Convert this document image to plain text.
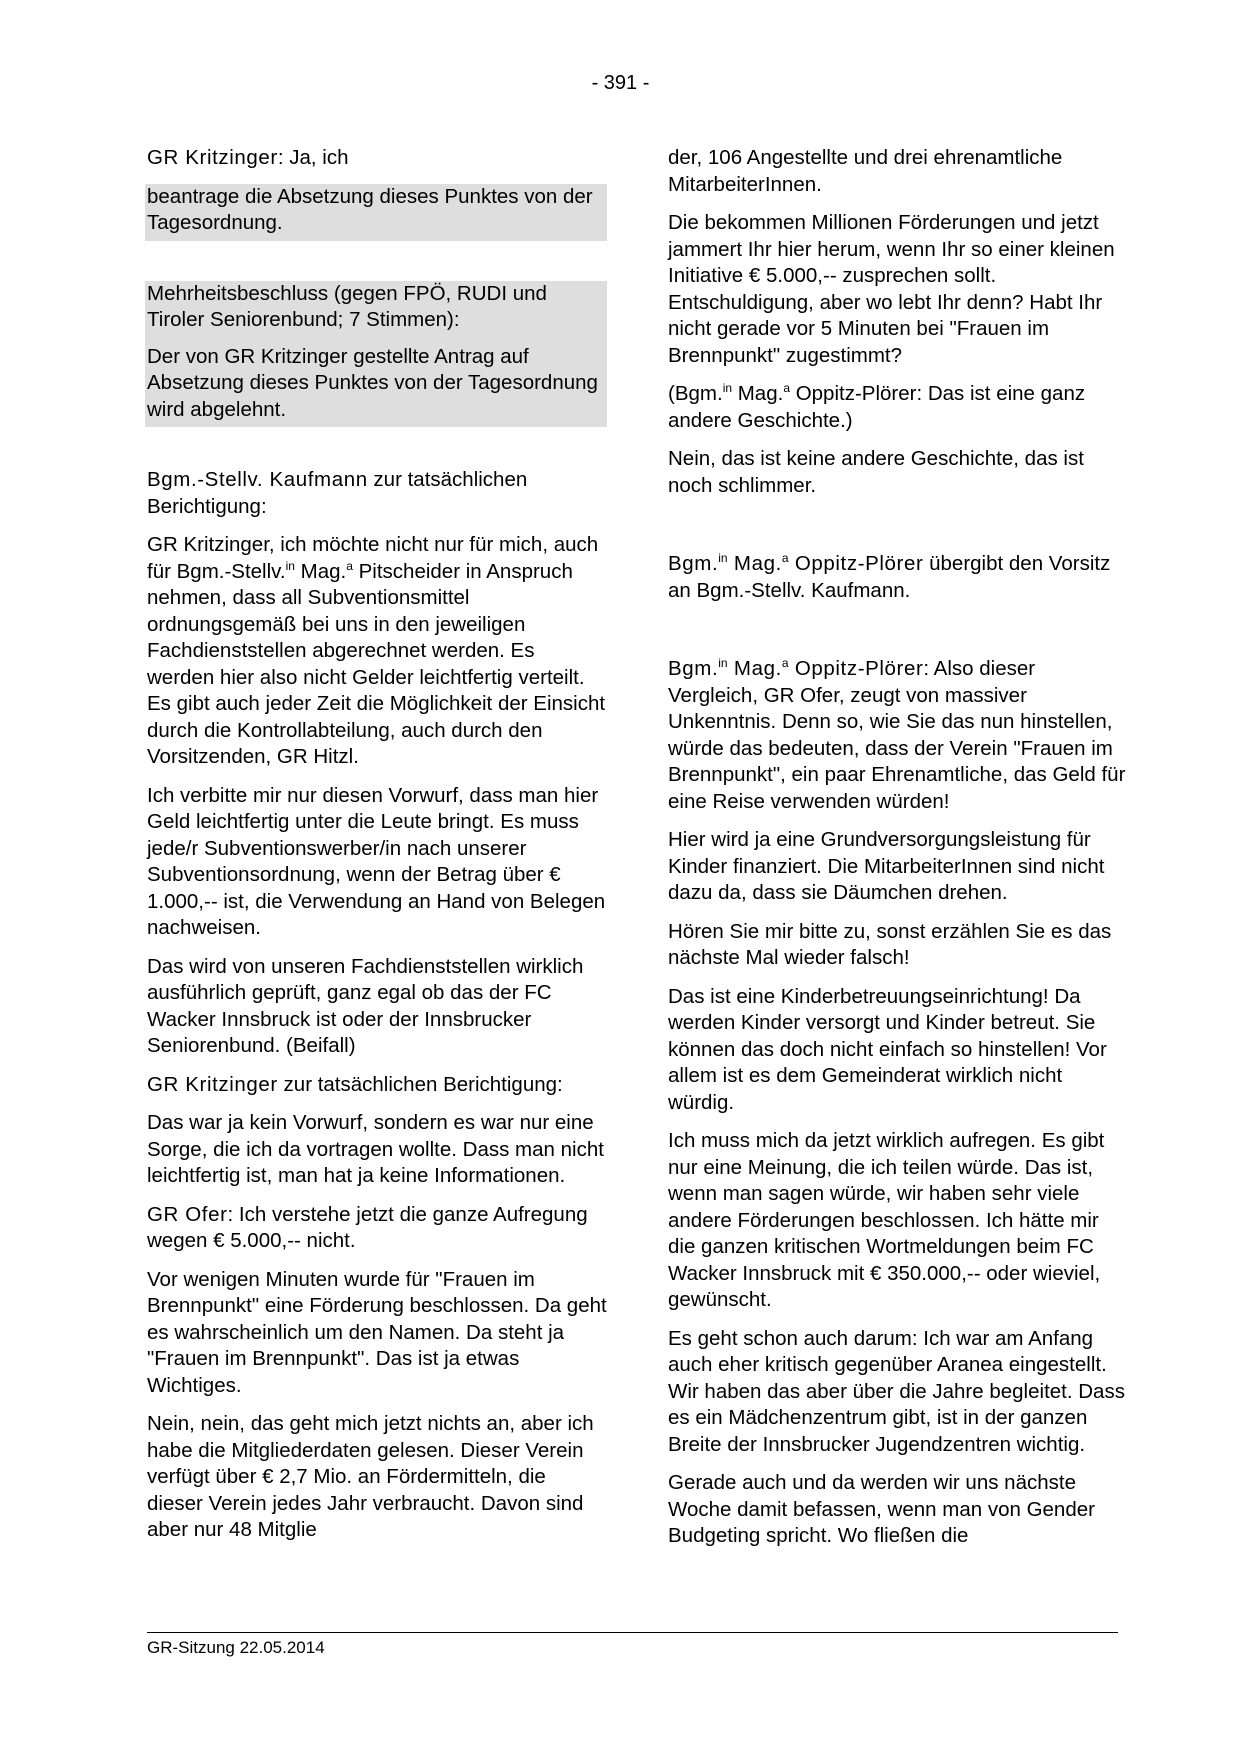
- 391 -

GR Kritzinger: Ja, ich

beantrage die Absetzung dieses Punktes von der Tagesordnung.

Mehrheitsbeschluss (gegen FPÖ, RUDI und Tiroler Seniorenbund; 7 Stimmen):

Der von GR Kritzinger gestellte Antrag auf Absetzung dieses Punktes von der Tagesordnung wird abgelehnt.

Bgm.-Stellv. Kaufmann zur tatsächlichen Berichtigung:

GR Kritzinger, ich möchte nicht nur für mich, auch für Bgm.-Stellv.$^{in}$ Mag.$^a$ Pitscheider in Anspruch nehmen, dass all Subventionsmittel ordnungsgemäß bei uns in den jeweiligen Fachdienststellen abgerechnet werden. Es werden hier also nicht Gelder leichtfertig verteilt. Es gibt auch jeder Zeit die Möglichkeit der Einsicht durch die Kontrollabteilung, auch durch den Vorsitzenden, GR Hitzl.

Ich verbitte mir nur diesen Vorwurf, dass man hier Geld leichtfertig unter die Leute bringt. Es muss jede/r Subventionswerber/in nach unserer Subventionsordnung, wenn der Betrag über € 1.000,-- ist, die Verwendung an Hand von Belegen nachweisen.

Das wird von unseren Fachdienststellen wirklich ausführlich geprüft, ganz egal ob das der FC Wacker Innsbruck ist oder der Innsbrucker Seniorenbund. (Beifall)

GR Kritzinger zur tatsächlichen Berichtigung:

Das war ja kein Vorwurf, sondern es war nur eine Sorge, die ich da vortragen wollte. Dass man nicht leichtfertig ist, man hat ja keine Informationen.

GR Ofer: Ich verstehe jetzt die ganze Aufregung wegen € 5.000,-- nicht.

Vor wenigen Minuten wurde für "Frauen im Brennpunkt" eine Förderung beschlossen. Da geht es wahrscheinlich um den Namen. Da steht ja "Frauen im Brennpunkt". Das ist ja etwas Wichtiges.

Nein, nein, das geht mich jetzt nichts an, aber ich habe die Mitgliederdaten gelesen. Dieser Verein verfügt über € 2,7 Mio. an Fördermitteln, die dieser Verein jedes Jahr verbraucht. Davon sind aber nur 48 Mitglie

der, 106 Angestellte und drei ehrenamtliche MitarbeiterInnen.

Die bekommen Millionen Förderungen und jetzt jammert Ihr hier herum, wenn Ihr so einer kleinen Initiative € 5.000,-- zusprechen sollt. Entschuldigung, aber wo lebt Ihr denn? Habt Ihr nicht gerade vor 5 Minuten bei "Frauen im Brennpunkt" zugestimmt?

(Bgm.$^{in}$ Mag.$^a$ Oppitz-Plörer: Das ist eine ganz andere Geschichte.)

Nein, das ist keine andere Geschichte, das ist noch schlimmer.

Bgm.$^{in}$ Mag.$^a$ Oppitz-Plörer übergibt den Vorsitz an Bgm.-Stellv. Kaufmann.

Bgm.$^{in}$ Mag.$^a$ Oppitz-Plörer: Also dieser Vergleich, GR Ofer, zeugt von massiver Unkenntnis. Denn so, wie Sie das nun hinstellen, würde das bedeuten, dass der Verein "Frauen im Brennpunkt", ein paar Ehrenamtliche, das Geld für eine Reise verwenden würden!

Hier wird ja eine Grundversorgungsleistung für Kinder finanziert. Die MitarbeiterInnen sind nicht dazu da, dass sie Däumchen drehen.

Hören Sie mir bitte zu, sonst erzählen Sie es das nächste Mal wieder falsch!

Das ist eine Kinderbetreuungseinrichtung! Da werden Kinder versorgt und Kinder betreut. Sie können das doch nicht einfach so hinstellen! Vor allem ist es dem Gemeinderat wirklich nicht würdig.

Ich muss mich da jetzt wirklich aufregen. Es gibt nur eine Meinung, die ich teilen würde. Das ist, wenn man sagen würde, wir haben sehr viele andere Förderungen beschlossen. Ich hätte mir die ganzen kritischen Wortmeldungen beim FC Wacker Innsbruck mit € 350.000,-- oder wieviel, gewünscht.

Es geht schon auch darum: Ich war am Anfang auch eher kritisch gegenüber Aranea eingestellt. Wir haben das aber über die Jahre begleitet. Dass es ein Mädchenzentrum gibt, ist in der ganzen Breite der Innsbrucker Jugendzentren wichtig.

Gerade auch und da werden wir uns nächste Woche damit befassen, wenn man von Gender Budgeting spricht. Wo fließen die

GR-Sitzung 22.05.2014
